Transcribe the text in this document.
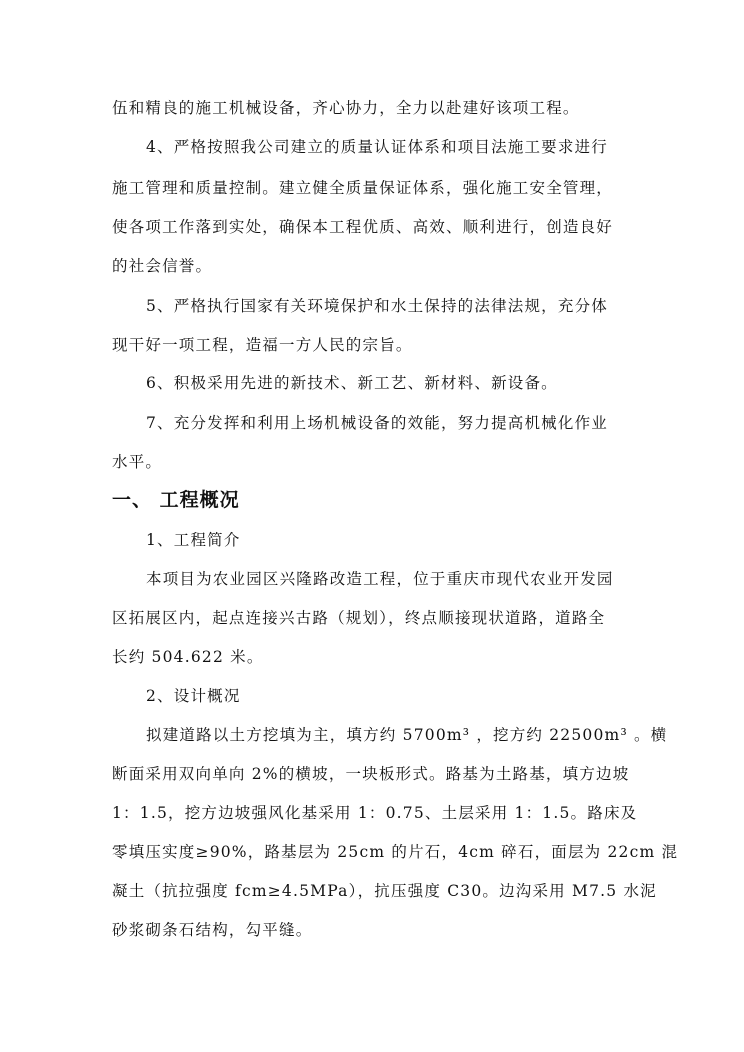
伍和精良的施工机械设备，齐心协力，全力以赴建好该项工程。
4、严格按照我公司建立的质量认证体系和项目法施工要求进行
施工管理和质量控制。建立健全质量保证体系，强化施工安全管理，
使各项工作落到实处，确保本工程优质、高效、顺利进行，创造良好
的社会信誉。
5、严格执行国家有关环境保护和水土保持的法律法规，充分体
现干好一项工程，造福一方人民的宗旨。
6、积极采用先进的新技术、新工艺、新材料、新设备。
7、充分发挥和利用上场机械设备的效能，努力提高机械化作业
水平。
一、 工程概况
1、工程简介
本项目为农业园区兴隆路改造工程，位于重庆市现代农业开发园
区拓展区内，起点连接兴古路（规划），终点顺接现状道路，道路全
长约 504.622 米。
2、设计概况
拟建道路以土方挖填为主，填方约 5700m³ ，挖方约 22500m³ 。横
断面采用双向单向 2%的横坡，一块板形式。路基为土路基，填方边坡
1：1.5，挖方边坡强风化基采用 1：0.75、土层采用 1：1.5。路床及
零填压实度≥90%，路基层为 25cm 的片石，4cm 碎石，面层为 22cm 混
凝土（抗拉强度 fcm≥4.5MPa），抗压强度 C30。边沟采用 M7.5 水泥
砂浆砌条石结构，勾平缝。
